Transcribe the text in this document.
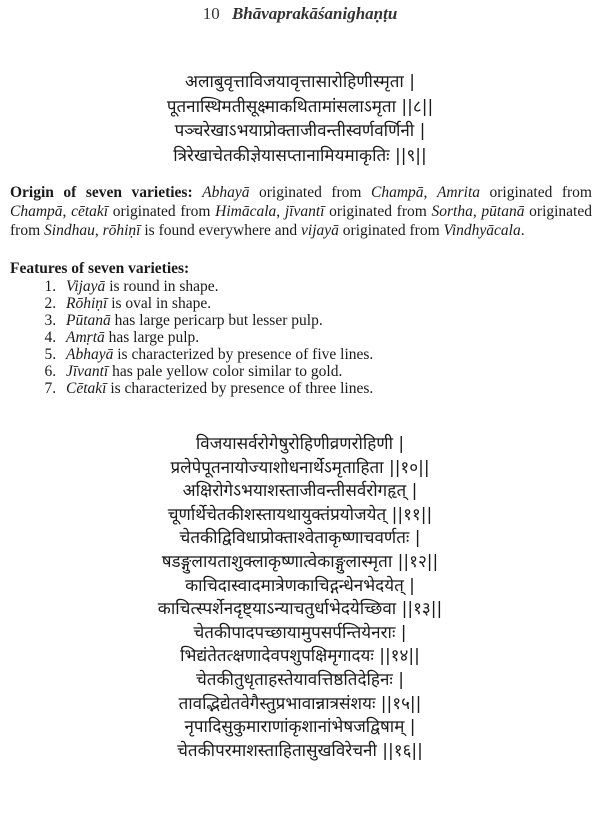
10 Bhāvaprakāśanighaṇṭu
अलाबुवृत्ताविजयावृत्तासारोहिणीस्मृता |
पूतनास्थिमतीसूक्ष्माकथितामांसलाऽमृता ||८||
पञ्चरेखाऽभयाप्रोक्ताजीवन्तीस्वर्णवर्णिनी |
त्रिरेखाचेतकीज्ञेयासप्तानामियमाकृतिः ||९||
Origin of seven varieties: Abhayā originated from Champā, Amrita originated from Champā, cētakī originated from Himācala, jīvantī originated from Sortha, pūtanā originated from Sindhau, rōhiṇī is found everywhere and vijayā originated from Vindhyācala.
Features of seven varieties:
1. Vijayā is round in shape.
2. Rōhiṇī is oval in shape.
3. Pūtanā has large pericarp but lesser pulp.
4. Amṛtā has large pulp.
5. Abhayā is characterized by presence of five lines.
6. Jīvantī has pale yellow color similar to gold.
7. Cētakī is characterized by presence of three lines.
विजयासर्वरोगेषुरोहिणीव्रणरोहिणी |
प्रलेपेपूतनायोज्याशोधनार्थेऽमृताहिता ||१०||
अक्षिरोगेऽभयाशस्ताजीवन्तीसर्वरोगहृत् |
चूर्णार्थेचेतकीशस्तायथायुक्तंप्रयोजयेत् ||११||
चेतकीद्विविधाप्रोक्ताश्वेताकृष्णाचवर्णतः |
षडङ्गुलायताशुक्लाकृष्णात्वेकाङ्गुलास्मृता ||१२||
काचिदास्वादमात्रेणकाचिद्गन्धेनभेदयेत् |
काचित्स्पर्शेनदृष्ट्याऽन्याचतुर्धाभेदयेच्छिवा ||१३||
चेतकीपादपच्छायामुपसर्पन्तियेनराः |
भिद्यंतेतत्क्षणादेवपशुपक्षिमृगादयः ||१४||
चेतकीतुधृताहस्तेयावत्तिष्ठतिदेहिनः |
तावद्भिद्येतवेगैस्तुप्रभावान्नात्रसंशयः ||१५||
नृपादिसुकुमाराणांकृशानांभेषजद्विषाम् |
चेतकीपरमाशस्ताहितासुखविरेचनी ||१६||
